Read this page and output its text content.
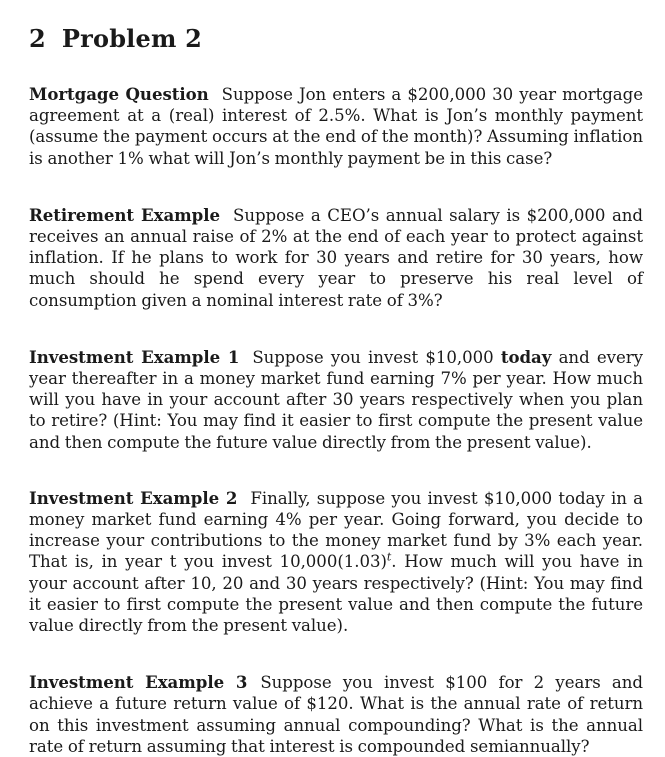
2 Problem 2

Mortgage Question Suppose Jon enters a $200,000 30 year mortgage agreement at a (real) interest of 2.5%. What is Jon’s monthly payment (assume the payment occurs at the end of the month)? Assuming inflation is another 1% what will Jon’s monthly payment be in this case?

Retirement Example Suppose a CEO’s annual salary is $200,000 and receives an annual raise of 2% at the end of each year to protect against inflation. If he plans to work for 30 years and retire for 30 years, how much should he spend every year to preserve his real level of consumption given a nominal interest rate of 3%?

Investment Example 1 Suppose you invest $10,000 today and every year thereafter in a money market fund earning 7% per year. How much will you have in your account after 30 years respectively when you plan to retire? (Hint: You may find it easier to first compute the present value and then compute the future value directly from the present value).

Investment Example 2 Finally, suppose you invest $10,000 today in a money market fund earning 4% per year. Going forward, you decide to increase your contributions to the money market fund by 3% each year. That is, in year t you invest $10,000(1.03)^t$. How much will you have in your account after 10, 20 and 30 years respectively? (Hint: You may find it easier to first compute the present value and then compute the future value directly from the present value).

Investment Example 3 Suppose you invest $100 for 2 years and achieve a future return value of $120. What is the annual rate of return on this investment assuming annual compounding? What is the annual rate of return assuming that interest is compounded semiannually?
